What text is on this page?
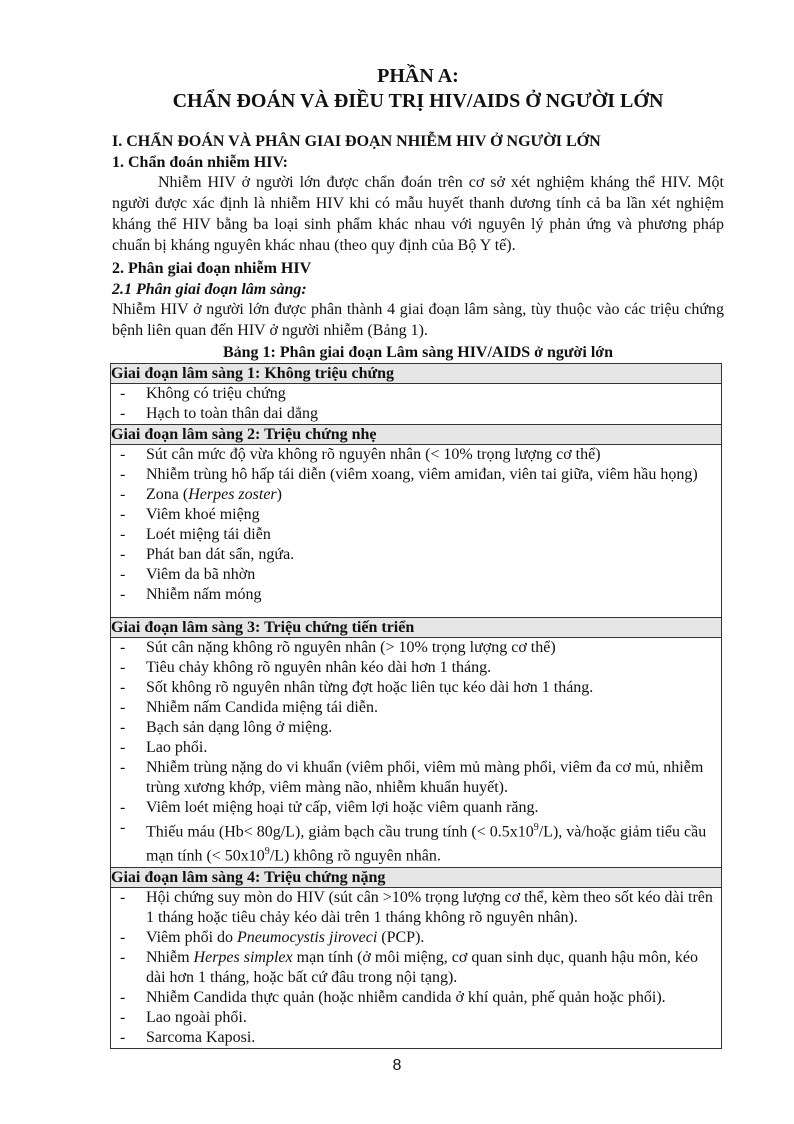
PHẦN A:

CHẨN ĐOÁN VÀ ĐIỀU TRỊ HIV/AIDS Ở NGƯỜI LỚN

I. CHẨN ĐOÁN VÀ PHÂN GIAI ĐOẠN NHIỄM HIV Ở NGƯỜI LỚN

1. Chẩn đoán nhiễm HIV:

Nhiễm HIV ở người lớn được chẩn đoán trên cơ sở xét nghiệm kháng thể HIV. Một người được xác định là nhiễm HIV khi có mẫu huyết thanh dương tính cả ba lần xét nghiệm kháng thể HIV bằng ba loại sinh phẩm khác nhau với nguyên lý phản ứng và phương pháp chuẩn bị kháng nguyên khác nhau (theo quy định của Bộ Y tế).

2. Phân giai đoạn nhiễm HIV

2.1 Phân giai đoạn lâm sàng:

Nhiễm HIV ở người lớn được phân thành 4 giai đoạn lâm sàng, tùy thuộc vào các triệu chứng bệnh liên quan đến HIV ở người nhiễm (Bảng 1).

Bảng 1: Phân giai đoạn Lâm sàng HIV/AIDS ở người lớn

Giai đoạn lâm sàng 1: Không triệu chứng

- Không có triệu chứng
- Hạch to toàn thân dai dẳng

Giai đoạn lâm sàng 2: Triệu chứng nhẹ

- Sút cân mức độ vừa không rõ nguyên nhân (< 10% trọng lượng cơ thể)
- Nhiễm trùng hô hấp tái diễn (viêm xoang, viêm amiđan, viên tai giữa, viêm hầu họng)
- Zona (Herpes zoster)
- Viêm khoé miệng
- Loét miệng tái diễn
- Phát ban dát sẩn, ngứa.
- Viêm da bã nhờn
- Nhiễm nấm móng

Giai đoạn lâm sàng 3: Triệu chứng tiến triển

- Sút cân nặng không rõ nguyên nhân (> 10% trọng lượng cơ thể)
- Tiêu chảy không rõ nguyên nhân kéo dài hơn 1 tháng.
- Sốt không rõ nguyên nhân từng đợt hoặc liên tục kéo dài hơn 1 tháng.
- Nhiễm nấm Candida miệng tái diễn.
- Bạch sản dạng lông ở miệng.
- Lao phổi.
- Nhiễm trùng nặng do vi khuẩn (viêm phổi, viêm mủ màng phổi, viêm đa cơ mủ, nhiễm trùng xương khớp, viêm màng não, nhiễm khuẩn huyết).
- Viêm loét miệng hoại tử cấp, viêm lợi hoặc viêm quanh răng.
- Thiếu máu (Hb< 80g/L), giảm bạch cầu trung tính (< $0.5x10^9/L$), và/hoặc giảm tiểu cầu mạn tính (< $50x10^9/L$) không rõ nguyên nhân.

Giai đoạn lâm sàng 4: Triệu chứng nặng

- Hội chứng suy mòn do HIV (sút cân >10% trọng lượng cơ thể, kèm theo sốt kéo dài trên 1 tháng hoặc tiêu chảy kéo dài trên 1 tháng không rõ nguyên nhân).
- Viêm phổi do Pneumocystis jiroveci (PCP).
- Nhiễm Herpes simplex mạn tính (ở môi miệng, cơ quan sinh dục, quanh hậu môn, kéo dài hơn 1 tháng, hoặc bất cứ đâu trong nội tạng).
- Nhiễm Candida thực quản (hoặc nhiễm candida ở khí quản, phế quản hoặc phổi).
- Lao ngoài phổi.
- Sarcoma Kaposi.
8
